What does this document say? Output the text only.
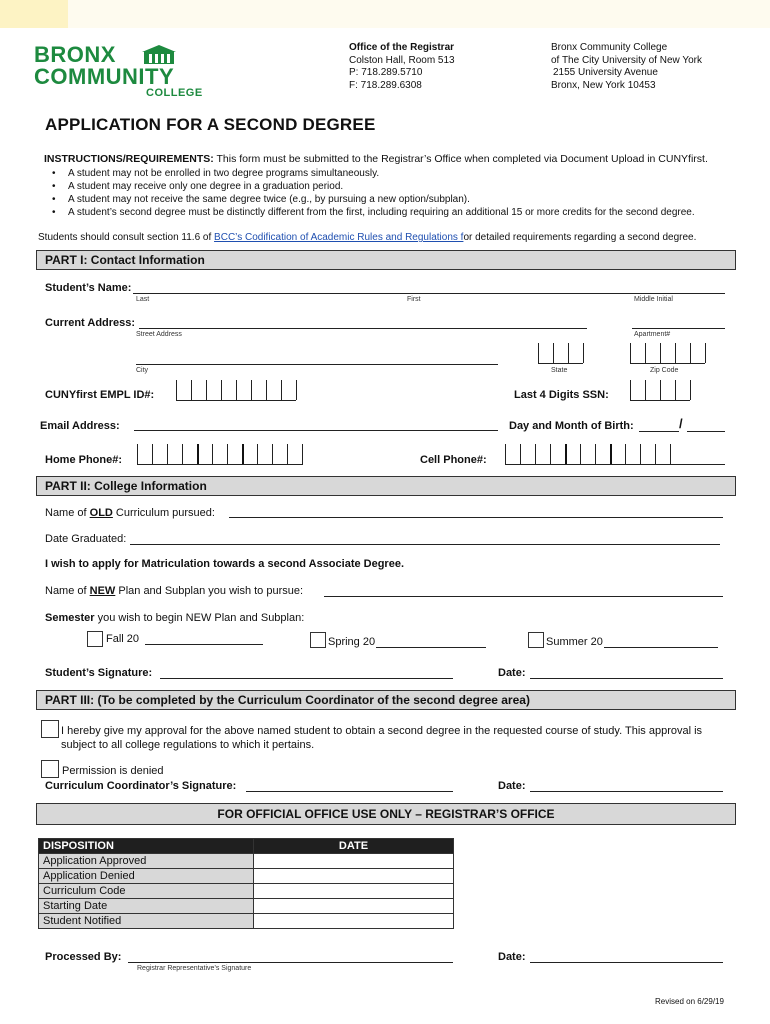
BRONX
COMMUNITY
COLLEGE
Office of the Registrar
Colston Hall, Room 513
P: 718.289.5710
F: 718.289.6308
Bronx Community College
of The City University of New York
2155 University Avenue
Bronx, New York 10453
APPLICATION FOR A SECOND DEGREE
INSTRUCTIONS/REQUIREMENTS: This form must be submitted to the Registrar’s Office when completed via Document Upload in CUNYfirst.
• A student may not be enrolled in two degree programs simultaneously.
• A student may receive only one degree in a graduation period.
• A student may not receive the same degree twice (e.g., by pursuing a new option/subplan).
• A student’s second degree must be distinctly different from the first, including requiring an additional 15 or more credits for the second degree.
Students should consult section 11.6 of BCC’s Codification of Academic Rules and Regulations for detailed requirements regarding a second degree.
PART I: Contact Information
Student’s Name:
Last	First	Middle Initial
Current Address:
Street Address	Apartment#
City	State	Zip Code
CUNYfirst EMPL ID#:	Last 4 Digits SSN:
Email Address:	Day and Month of Birth:	/
Home Phone#:	Cell Phone#:
PART II: College Information
Name of OLD Curriculum pursued:
Date Graduated:
I wish to apply for Matriculation towards a second Associate Degree.
Name of NEW Plan and Subplan you wish to pursue:
Semester you wish to begin NEW Plan and Subplan:
Fall 20	Spring 20	Summer 20
Student’s Signature:	Date:
PART III: (To be completed by the Curriculum Coordinator of the second degree area)
I hereby give my approval for the above named student to obtain a second degree in the requested course of study. This approval is subject to all college regulations to which it pertains.
Permission is denied
Curriculum Coordinator’s Signature:	Date:
FOR OFFICIAL OFFICE USE ONLY – REGISTRAR’S OFFICE
DISPOSITION	DATE
Application Approved	
Application Denied	
Curriculum Code	
Starting Date	
Student Notified	
Processed By:
Registrar Representative’s Signature
Date:
Revised on 6/29/19
